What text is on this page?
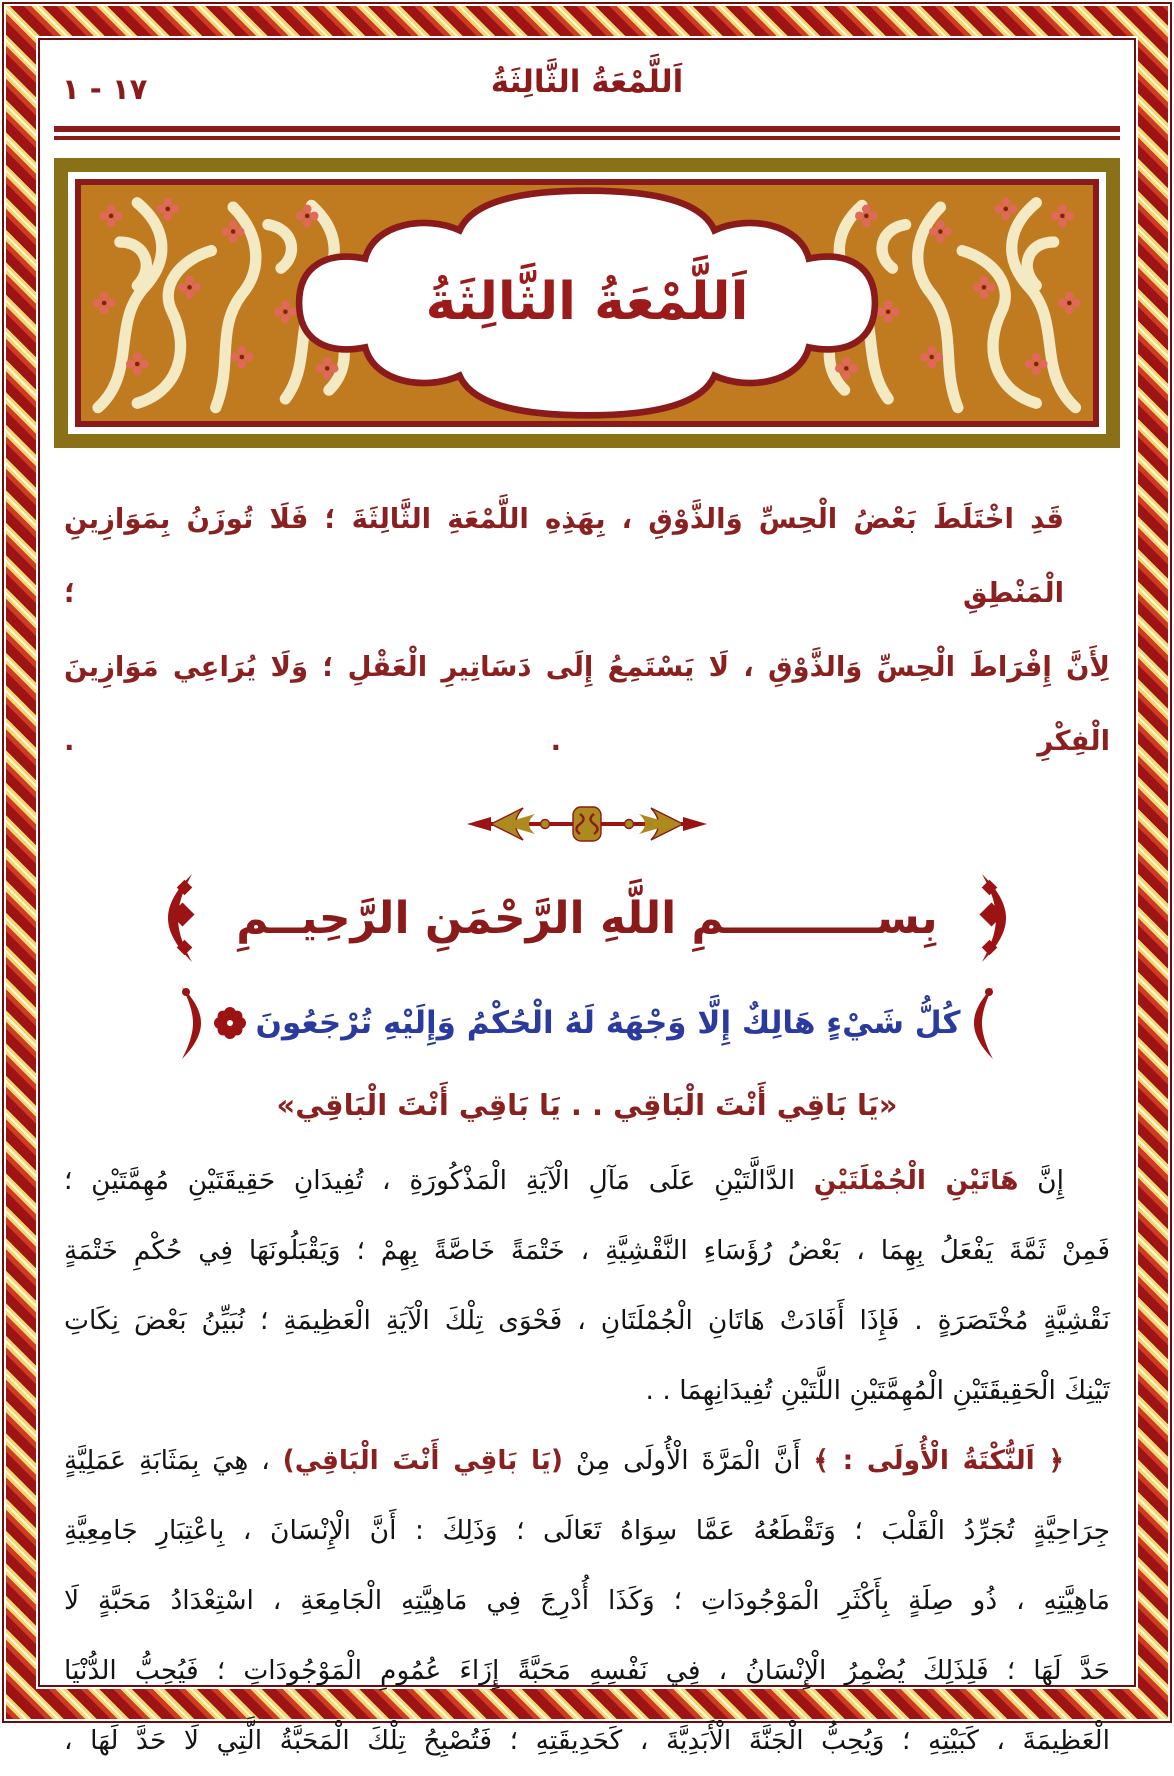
١٧ - ١	اَللَّمْعَةُ الثَّالِثَةُ
اَللَّمْعَةُ الثَّالِثَةُ
قَدِ اخْتَلَطَ بَعْضُ الْحِسِّ وَالذَّوْقِ ، بِهَذِهِ اللَّمْعَةِ الثَّالِثَةَ ؛ فَلَا تُوزَنُ بِمَوَازِينِ الْمَنْطِقِ ؛
لِأَنَّ إِفْرَاطَ الْحِسِّ وَالذَّوْقِ ، لَا يَسْتَمِعُ إِلَى دَسَاتِيرِ الْعَقْلِ ؛ وَلَا يُرَاعِي مَوَازِينَ الْفِكْرِ . .
بِســــــــــمِ اللَّهِ الرَّحْمَنِ الرَّحِيــمِ
كُلُّ شَيْءٍ هَالِكٌ إِلَّا وَجْهَهُ لَهُ الْحُكْمُ وَإِلَيْهِ تُرْجَعُونَ
«يَا بَاقِي أَنْتَ الْبَاقِي . . يَا بَاقِي أَنْتَ الْبَاقِي»
إِنَّ هَاتَيْنِ الْجُمْلَتَيْنِ الدَّالَّتَيْنِ عَلَى مَآلِ الْآيَةِ الْمَذْكُورَةِ ، تُفِيدَانِ حَقِيقَتَيْنِ مُهِمَّتَيْنِ ؛
فَمِنْ ثَمَّةَ يَفْعَلُ بِهِمَا ، بَعْضُ رُؤَسَاءِ النَّقْشِيَّةِ ، خَتْمَةً خَاصَّةً بِهِمْ ؛ وَيَقْبَلُونَهَا فِي حُكْمِ خَتْمَةٍ
نَقْشِيَّةٍ مُخْتَصَرَةٍ . فَإِذَا أَفَادَتْ هَاتَانِ الْجُمْلَتَانِ ، فَحْوَى تِلْكَ الْآيَةِ الْعَظِيمَةِ ؛ نُبَيِّنُ بَعْضَ نِكَاتِ
تَيْنِكَ الْحَقِيقَتَيْنِ الْمُهِمَّتَيْنِ اللَّتَيْنِ تُفِيدَانِهِمَا . .
﴿ اَلنُّكْتَةُ الْأُولَى : ﴾ أَنَّ الْمَرَّةَ الْأُولَى مِنْ (يَا بَاقِي أَنْتَ الْبَاقِي) ، هِيَ بِمَثَابَةِ عَمَلِيَّةٍ
جِرَاحِيَّةٍ تُجَرِّدُ الْقَلْبَ ؛ وَتَقْطَعُهُ عَمَّا سِوَاهُ تَعَالَى ؛ وَذَلِكَ : أَنَّ الْإِنْسَانَ ، بِاعْتِبَارِ جَامِعِيَّةِ
مَاهِيَّتِهِ ، ذُو صِلَةٍ بِأَكْثَرِ الْمَوْجُودَاتِ ؛ وَكَذَا أُدْرِجَ فِي مَاهِيَّتِهِ الْجَامِعَةِ ، اسْتِعْدَادُ مَحَبَّةٍ لَا
حَدَّ لَهَا ؛ فَلِذَلِكَ يُضْمِرُ الْإِنْسَانُ ، فِي نَفْسِهِ مَحَبَّةً إِزَاءَ عُمُومِ الْمَوْجُودَاتِ ؛ فَيُحِبُّ الدُّنْيَا
الْعَظِيمَةَ ، كَبَيْتِهِ ؛ وَيُحِبُّ الْجَنَّةَ الْأَبَدِيَّةَ ، كَحَدِيقَتِهِ ؛ فَتُصْبِحُ تِلْكَ الْمَحَبَّةُ الَّتِي لَا حَدَّ لَهَا ،
